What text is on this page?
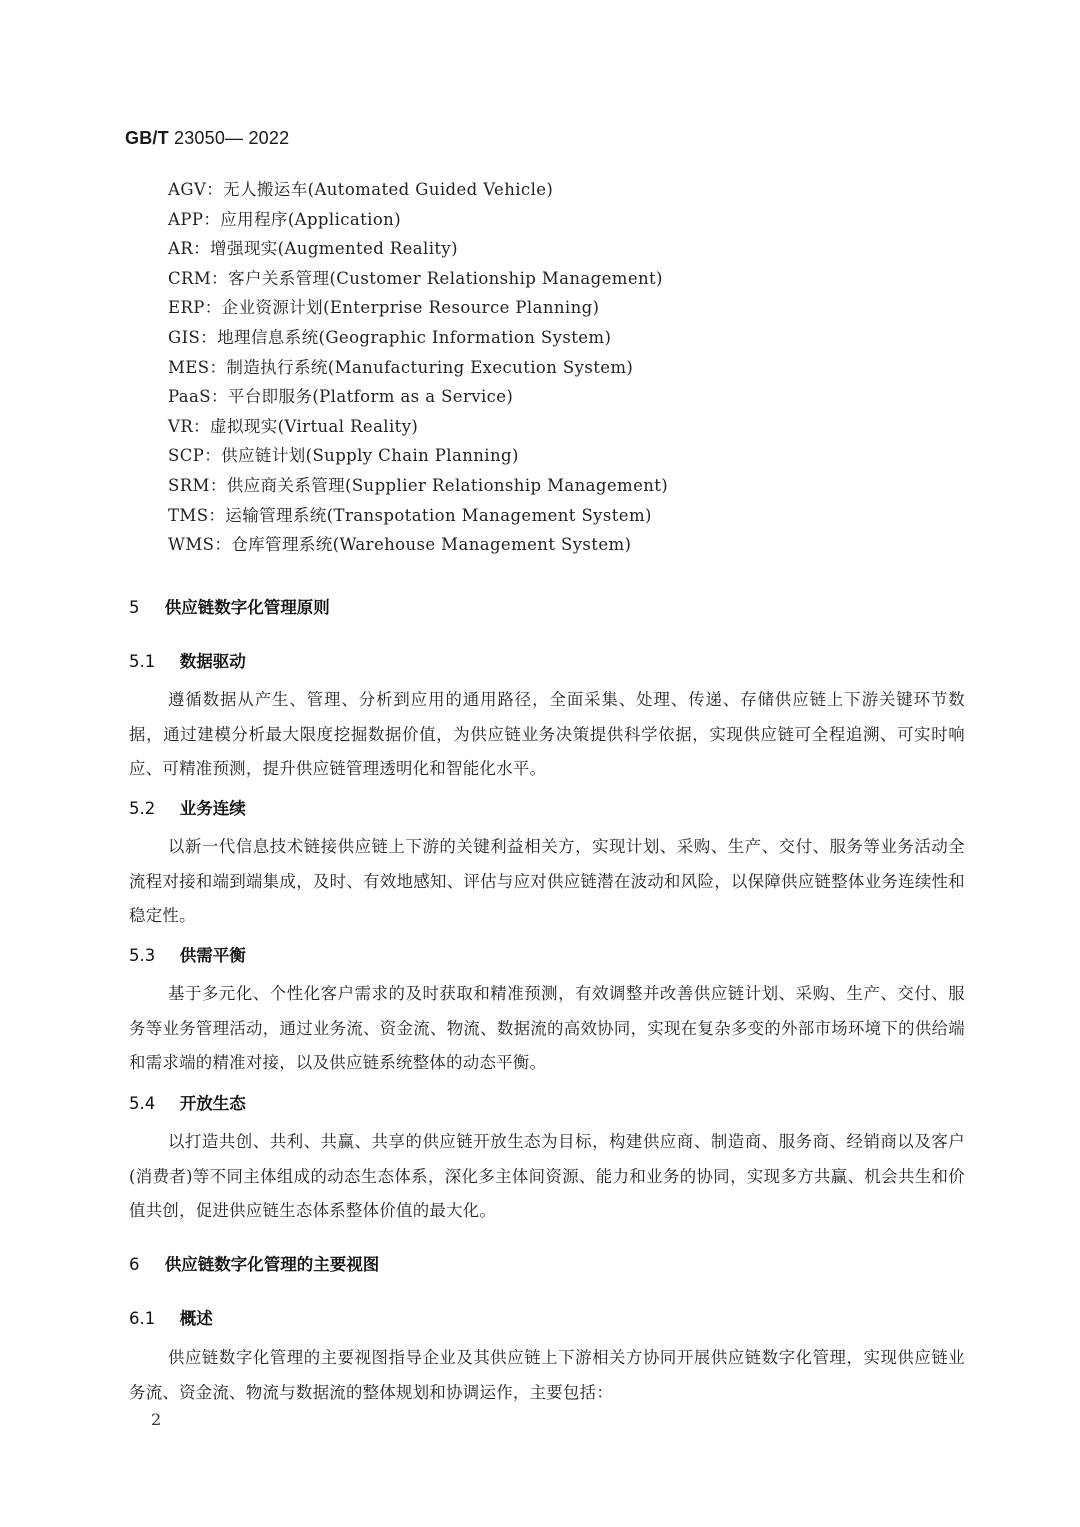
GB/T 23050— 2022
AGV：无人搬运车(Automated Guided Vehicle)
APP：应用程序(Application)
AR：增强现实(Augmented Reality)
CRM：客户关系管理(Customer Relationship Management)
ERP：企业资源计划(Enterprise Resource Planning)
GIS：地理信息系统(Geographic Information System)
MES：制造执行系统(Manufacturing Execution System)
PaaS：平台即服务(Platform as a Service)
VR：虚拟现实(Virtual Reality)
SCP：供应链计划(Supply Chain Planning)
SRM：供应商关系管理(Supplier Relationship Management)
TMS：运输管理系统(Transpotation Management System)
WMS：仓库管理系统(Warehouse Management System)
5 供应链数字化管理原则
5.1 数据驱动
遵循数据从产生、管理、分析到应用的通用路径，全面采集、处理、传递、存储供应链上下游关键环节数据，通过建模分析最大限度挖掘数据价值，为供应链业务决策提供科学依据，实现供应链可全程追溯、可实时响应、可精准预测，提升供应链管理透明化和智能化水平。
5.2 业务连续
以新一代信息技术链接供应链上下游的关键利益相关方，实现计划、采购、生产、交付、服务等业务活动全流程对接和端到端集成，及时、有效地感知、评估与应对供应链潜在波动和风险，以保障供应链整体业务连续性和稳定性。
5.3 供需平衡
基于多元化、个性化客户需求的及时获取和精准预测，有效调整并改善供应链计划、采购、生产、交付、服务等业务管理活动，通过业务流、资金流、物流、数据流的高效协同，实现在复杂多变的外部市场环境下的供给端和需求端的精准对接，以及供应链系统整体的动态平衡。
5.4 开放生态
以打造共创、共利、共赢、共享的供应链开放生态为目标，构建供应商、制造商、服务商、经销商以及客户(消费者)等不同主体组成的动态生态体系，深化多主体间资源、能力和业务的协同，实现多方共赢、机会共生和价值共创，促进供应链生态体系整体价值的最大化。
6 供应链数字化管理的主要视图
6.1 概述
供应链数字化管理的主要视图指导企业及其供应链上下游相关方协同开展供应链数字化管理，实现供应链业务流、资金流、物流与数据流的整体规划和协调运作，主要包括：
2
